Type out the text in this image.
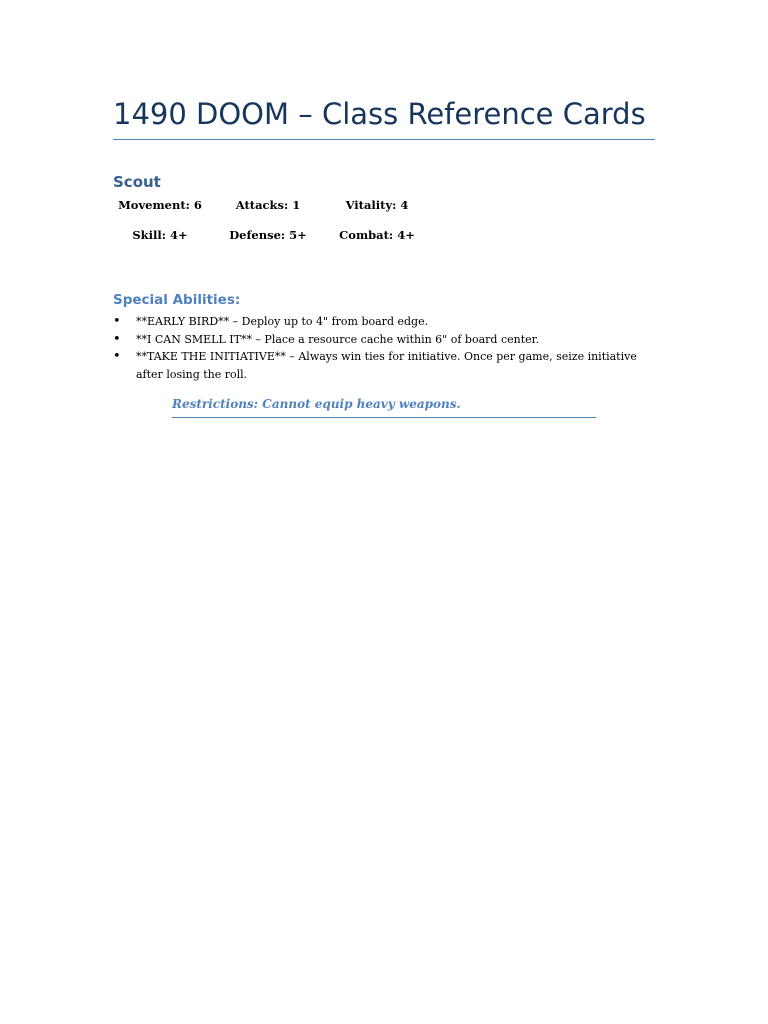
1490 DOOM – Class Reference Cards
Scout
Movement: 6	Attacks: 1	Vitality: 4
Skill: 4+	Defense: 5+	Combat: 4+
Special Abilities:
• **EARLY BIRD** – Deploy up to 4" from board edge.
• **I CAN SMELL IT** – Place a resource cache within 6" of board center.
• **TAKE THE INITIATIVE** – Always win ties for initiative. Once per game, seize initiative after losing the roll.
Restrictions: Cannot equip heavy weapons.
